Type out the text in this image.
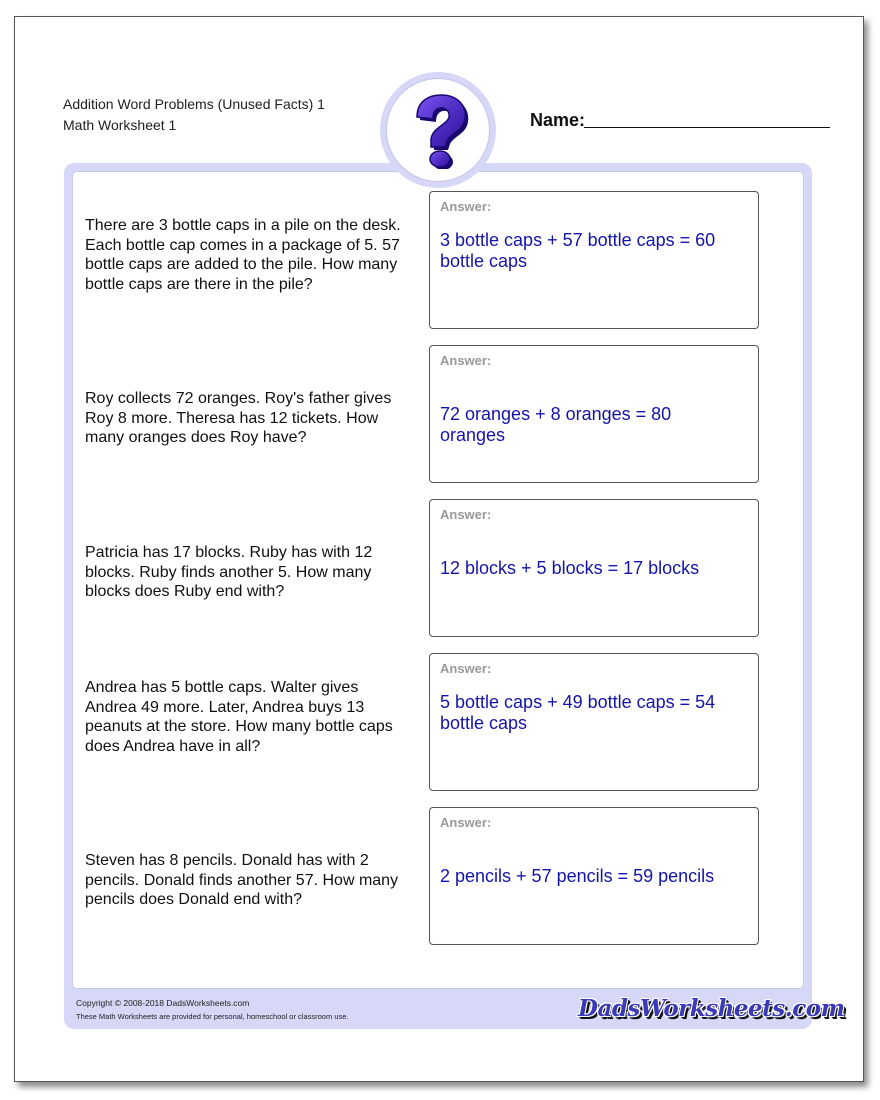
Addition Word Problems (Unused Facts) 1
Math Worksheet 1	Name:
There are 3 bottle caps in a pile on the desk. Each bottle cap comes in a package of 5. 57 bottle caps are added to the pile. How many bottle caps are there in the pile?
Answer:
3 bottle caps + 57 bottle caps = 60 bottle caps
Roy collects 72 oranges. Roy's father gives Roy 8 more. Theresa has 12 tickets. How many oranges does Roy have?
Answer:
72 oranges + 8 oranges = 80 oranges
Patricia has 17 blocks. Ruby has with 12 blocks. Ruby finds another 5. How many blocks does Ruby end with?
Answer:
12 blocks + 5 blocks = 17 blocks
Andrea has 5 bottle caps. Walter gives Andrea 49 more. Later, Andrea buys 13 peanuts at the store. How many bottle caps does Andrea have in all?
Answer:
5 bottle caps + 49 bottle caps = 54 bottle caps
Steven has 8 pencils. Donald has with 2 pencils. Donald finds another 57. How many pencils does Donald end with?
Answer:
2 pencils + 57 pencils = 59 pencils
Copyright © 2008-2018 DadsWorksheets.com
These Math Worksheets are provided for personal, homeschool or classroom use.	DadsWorksheets.com
